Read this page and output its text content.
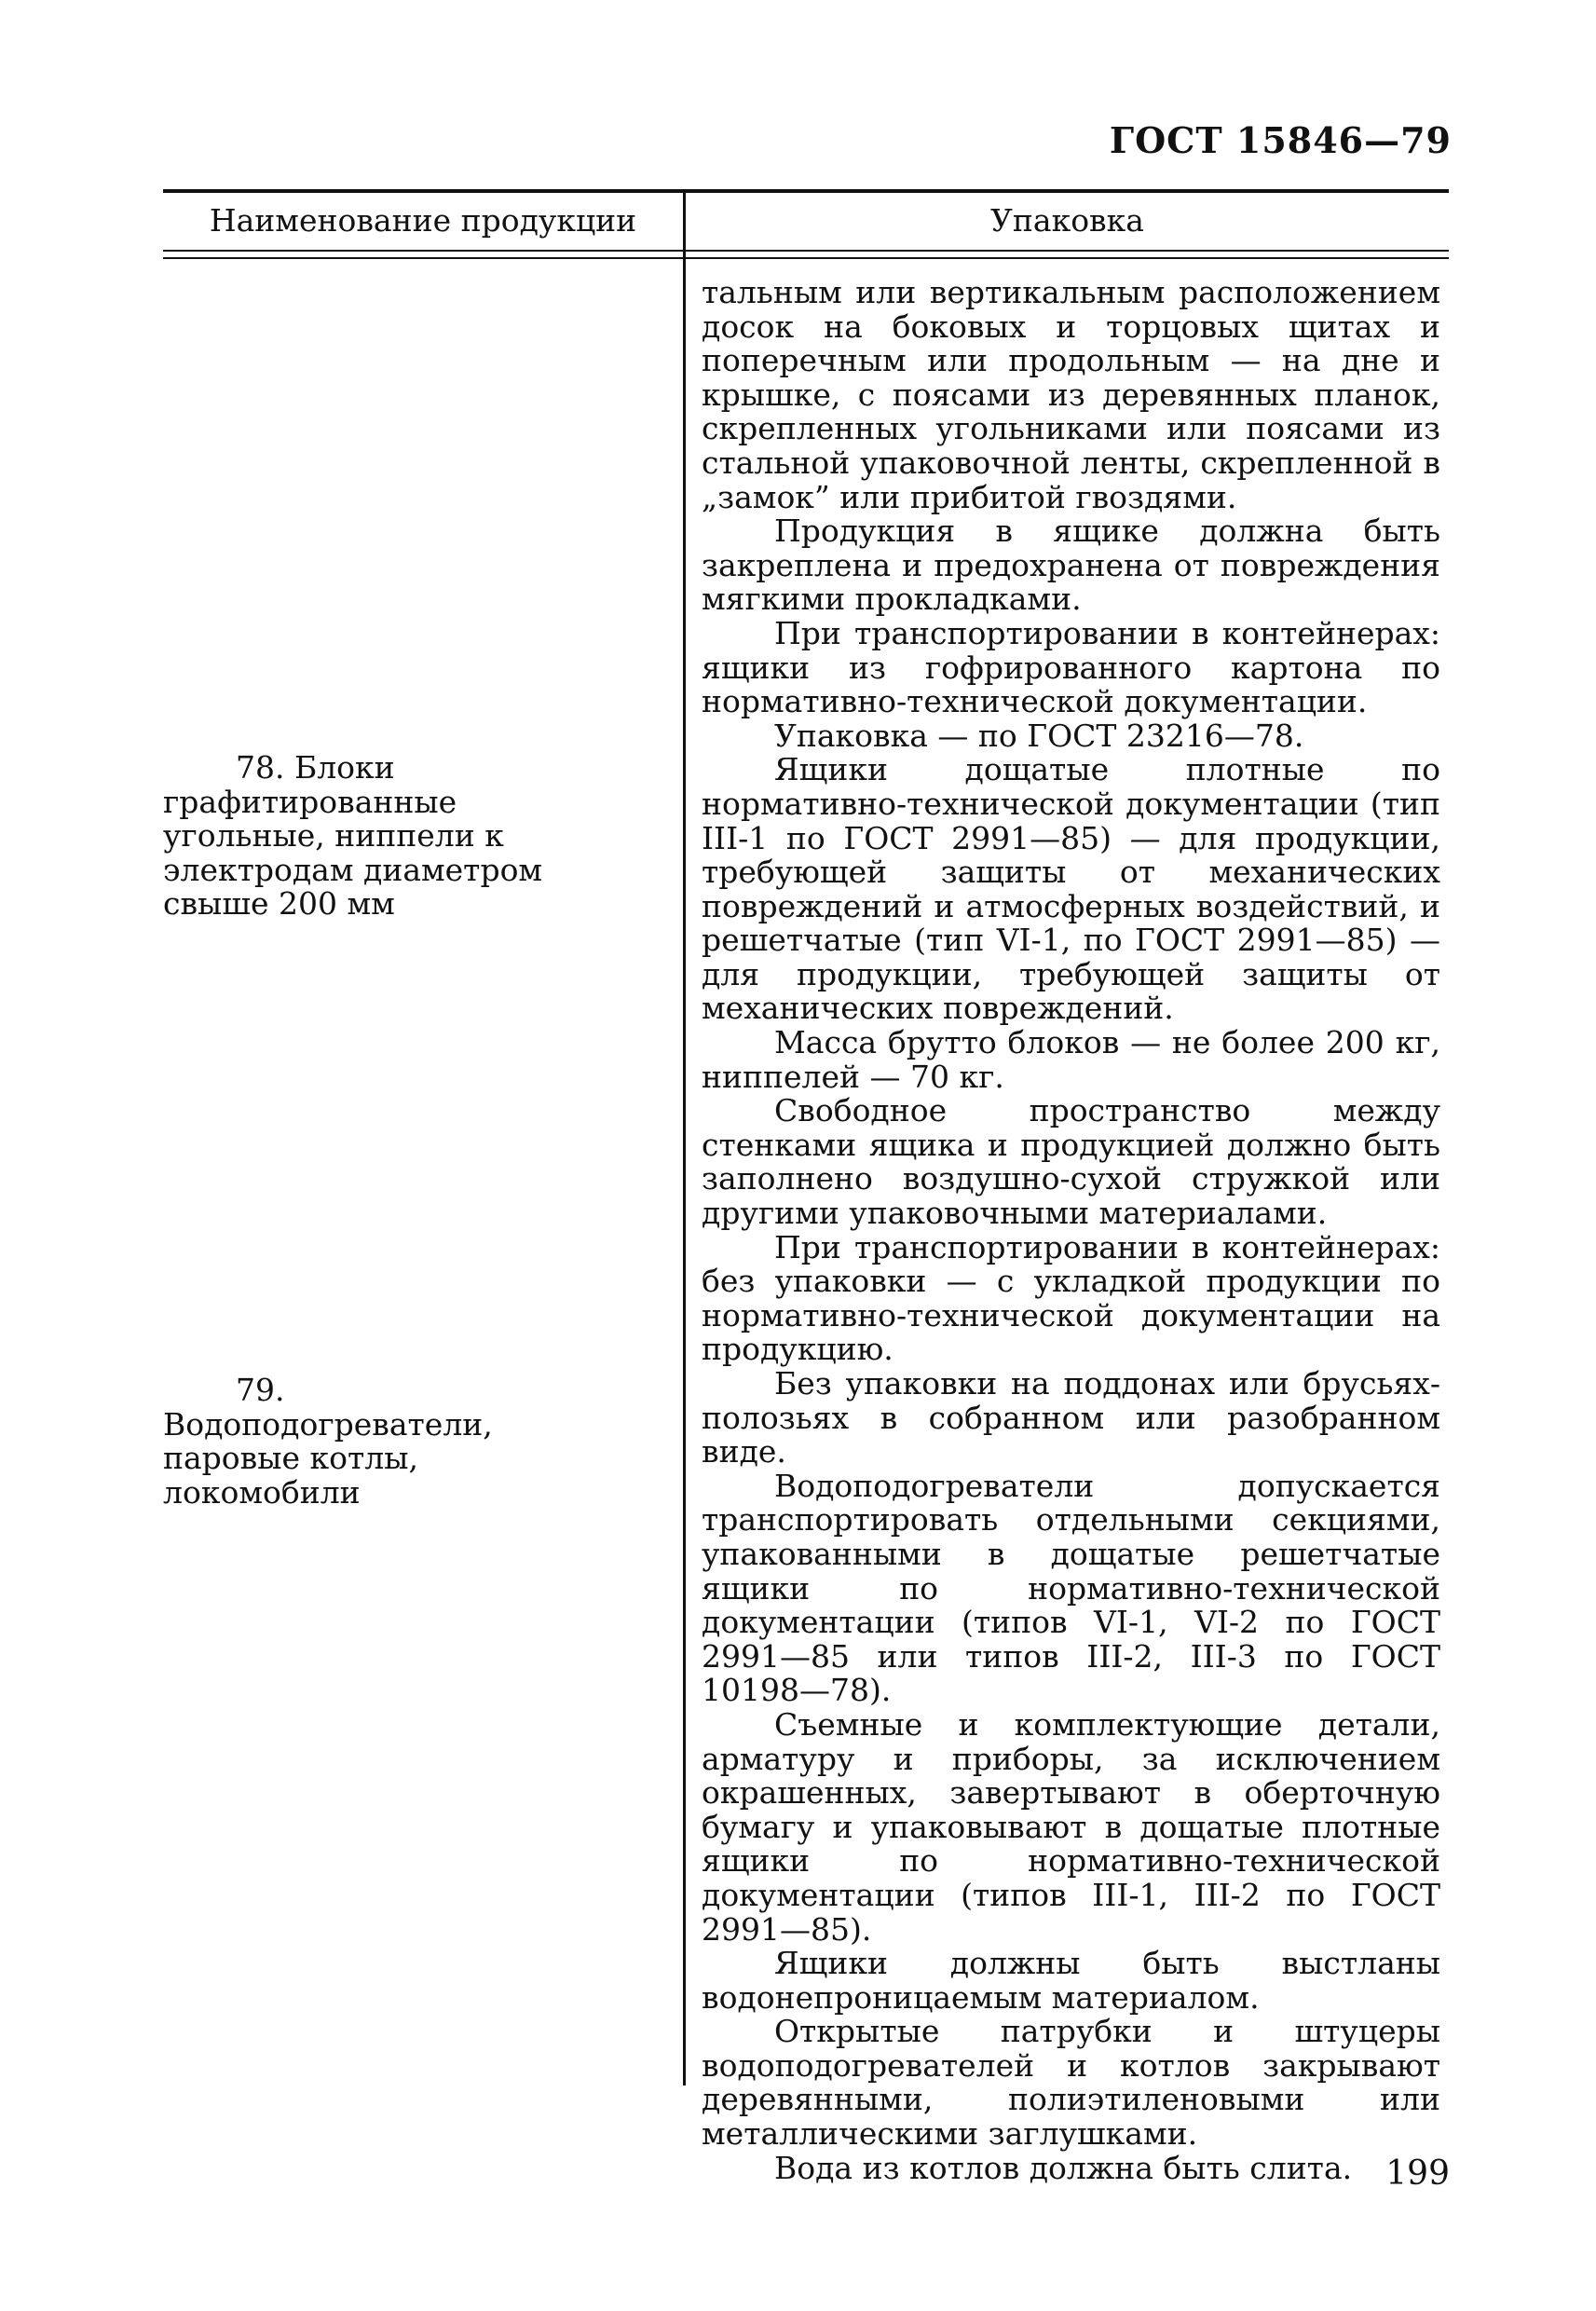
ГОСТ 15846—79
Наименование продукции	Упаковка
78. Блоки графитированные угольные, ниппели к электродам диаметром свыше 200 мм
79. Водоподогреватели, паровые котлы, локомобили

тальным или вертикальным расположением досок на боковых и торцовых щитах и поперечным или продольным — на дне и крышке, с поясами из деревянных планок, скрепленных угольниками или поясами из стальной упаковочной ленты, скрепленной в „замок” или прибитой гвоздями.

Продукция в ящике должна быть закреплена и предохранена от повреждения мягкими прокладками.

При транспортировании в контейнерах: ящики из гофрированного картона по нормативно-технической документации.

Упаковка — по ГОСТ 23216—78.

Ящики дощатые плотные по нормативно-технической документации (тип III-1 по ГОСТ 2991—85) — для продукции, требующей защиты от механических повреждений и атмосферных воздействий, и решетчатые (тип VI-1, по ГОСТ 2991—85) — для продукции, требующей защиты от механических повреждений.

Масса брутто блоков — не более 200 кг, ниппелей — 70 кг.

Свободное пространство между стенками ящика и продукцией должно быть заполнено воздушно-сухой стружкой или другими упаковочными материалами.

При транспортировании в контейнерах: без упаковки — с укладкой продукции по нормативно-технической документации на продукцию.

Без упаковки на поддонах или брусьях-полозьях в собранном или разобранном виде.

Водоподогреватели допускается транспортировать отдельными секциями, упакованными в дощатые решетчатые ящики по нормативно-технической документации (типов VI-1, VI-2 по ГОСТ 2991—85 или типов III-2, III-3 по ГОСТ 10198—78).

Съемные и комплектующие детали, арматуру и приборы, за исключением окрашенных, завертывают в оберточную бумагу и упаковывают в дощатые плотные ящики по нормативно-технической документации (типов III-1, III-2 по ГОСТ 2991—85).

Ящики должны быть выстланы водонепроницаемым материалом.

Открытые патрубки и штуцеры водоподогревателей и котлов закрывают деревянными, полиэтиленовыми или металлическими заглушками.

Вода из котлов должна быть слита.	199
